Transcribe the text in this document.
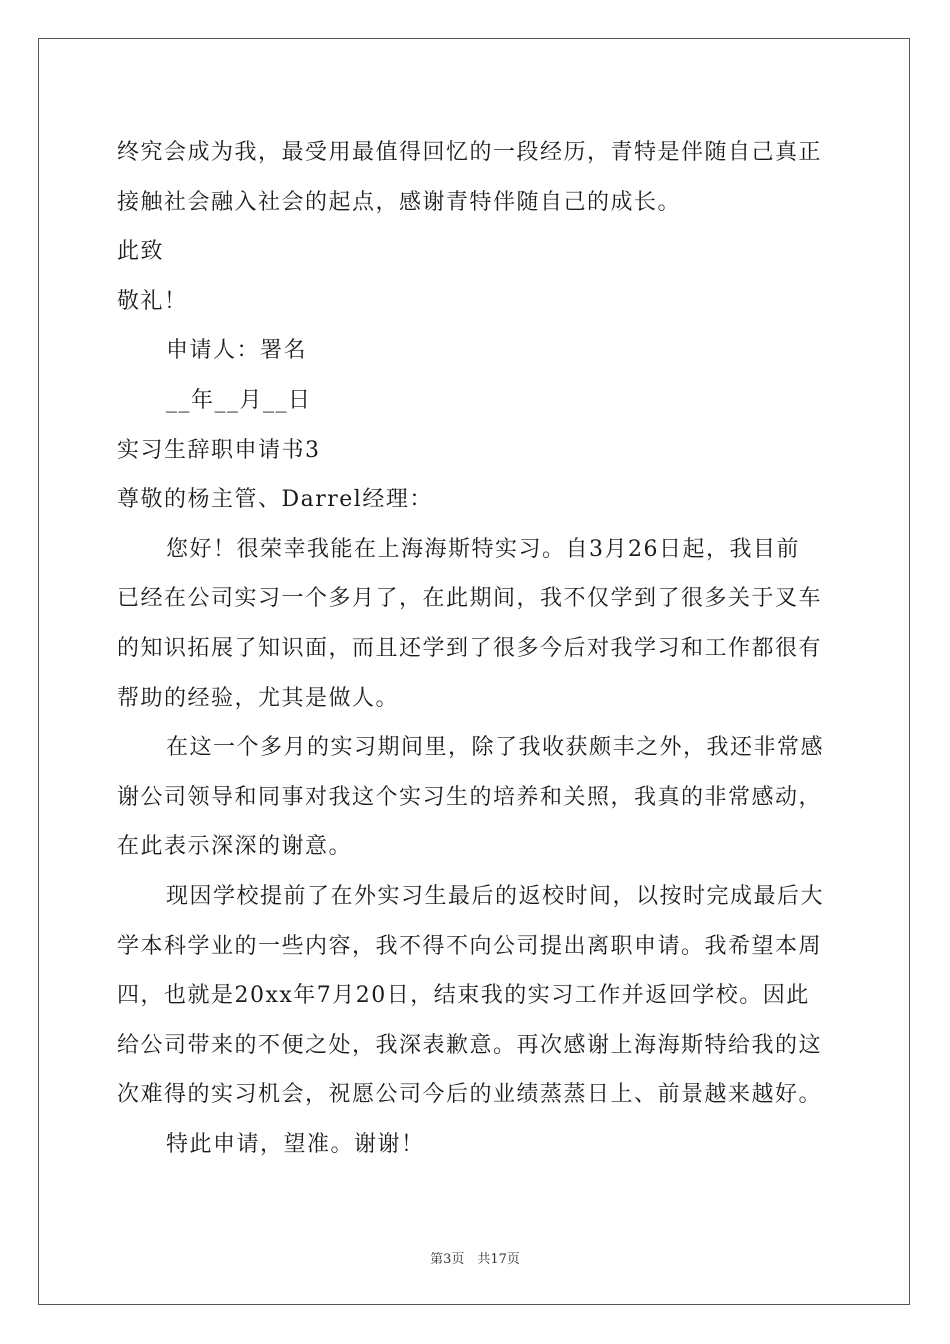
终究会成为我，最受用最值得回忆的一段经历，青特是伴随自己真正
接触社会融入社会的起点，感谢青特伴随自己的成长。
此致
敬礼！
申请人：署名
__年__月__日
实习生辞职申请书3
尊敬的杨主管、Darrel经理：
您好！很荣幸我能在上海海斯特实习。自3月26日起，我目前
已经在公司实习一个多月了，在此期间，我不仅学到了很多关于叉车
的知识拓展了知识面，而且还学到了很多今后对我学习和工作都很有
帮助的经验，尤其是做人。
在这一个多月的实习期间里，除了我收获颇丰之外，我还非常感
谢公司领导和同事对我这个实习生的培养和关照，我真的非常感动，
在此表示深深的谢意。
现因学校提前了在外实习生最后的返校时间，以按时完成最后大
学本科学业的一些内容，我不得不向公司提出离职申请。我希望本周
四，也就是20xx年7月20日，结束我的实习工作并返回学校。因此
给公司带来的不便之处，我深表歉意。再次感谢上海海斯特给我的这
次难得的实习机会，祝愿公司今后的业绩蒸蒸日上、前景越来越好。
特此申请，望准。谢谢！
第3页　共17页
